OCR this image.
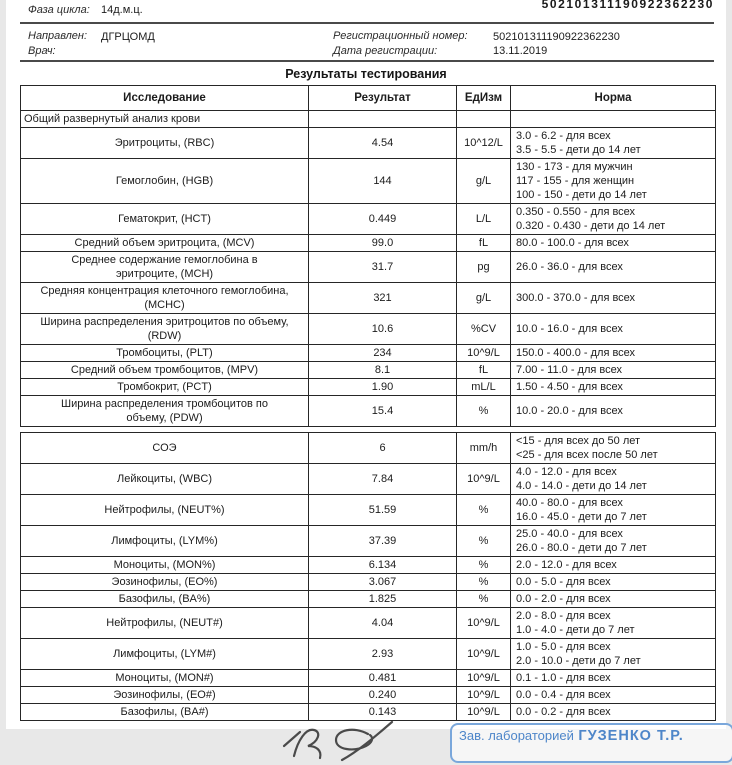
502101311190922362230
Фаза цикла: 14д.м.ц.
Направлен: ДГРЦОМД
Врач:
Регистрационный номер: 502101311190922362230
Дата регистрации:	13.11.2019
Результаты тестирования
Исследование	Результат	ЕдИзм	Норма
Общий развернутый анализ крови			

Эритроциты, (RBC)	4.54	10^12/L	3.0 - 6.2 - для всех
3.5 - 5.5 - дети до 14 лет

Гемоглобин, (HGB)	144	g/L	130 - 173 - для мужчин
117 - 155 - для женщин
100 - 150 - дети до 14 лет

Гематокрит, (HCT)	0.449	L/L	0.350 - 0.550 - для всех
0.320 - 0.430 - дети до 14 лет

Средний объем эритроцита, (MCV)	99.0	fL	80.0 - 100.0 - для всех

Среднее содержание гемоглобина в эритроците, (MCH)	31.7	pg	26.0 - 36.0 - для всех

Средняя концентрация клеточного гемоглобина, (MCHC)	321	g/L	300.0 - 370.0 - для всех

Ширина распределения эритроцитов по объему, (RDW)	10.6	%CV	10.0 - 16.0 - для всех

Тромбоциты, (PLT)	234	10^9/L	150.0 - 400.0 - для всех

Средний объем тромбоцитов, (MPV)	8.1	fL	7.00 - 11.0 - для всех

Тромбокрит, (PCT)	1.90	mL/L	1.50 - 4.50 - для всех

Ширина распределения тромбоцитов по объему, (PDW)	15.4	%	10.0 - 20.0 - для всех
СОЭ	6	mm/h	<15 - для всех до 50 лет
<25 - для всех после 50 лет

Лейкоциты, (WBC)	7.84	10^9/L	4.0 - 12.0 - для всех
4.0 - 14.0 - дети до 14 лет

Нейтрофилы, (NEUT%)	51.59	%	40.0 - 80.0 - для всех
16.0 - 45.0 - дети до 7 лет

Лимфоциты, (LYM%)	37.39	%	25.0 - 40.0 - для всех
26.0 - 80.0 - дети до 7 лет

Моноциты, (MON%)	6.134	%	2.0 - 12.0 - для всех

Эозинофилы, (EO%)	3.067	%	0.0 - 5.0 - для всех

Базофилы, (BA%)	1.825	%	0.0 - 2.0 - для всех

Нейтрофилы, (NEUT#)	4.04	10^9/L	2.0 - 8.0 - для всех
1.0 - 4.0 - дети до 7 лет

Лимфоциты, (LYM#)	2.93	10^9/L	1.0 - 5.0 - для всех
2.0 - 10.0 - дети до 7 лет

Моноциты, (MON#)	0.481	10^9/L	0.1 - 1.0 - для всех

Эозинофилы, (EO#)	0.240	10^9/L	0.0 - 0.4 - для всех

Базофилы, (BA#)	0.143	10^9/L	0.0 - 0.2 - для всех
Зав. лабораторией ГУЗЕНКО Т.Р.
